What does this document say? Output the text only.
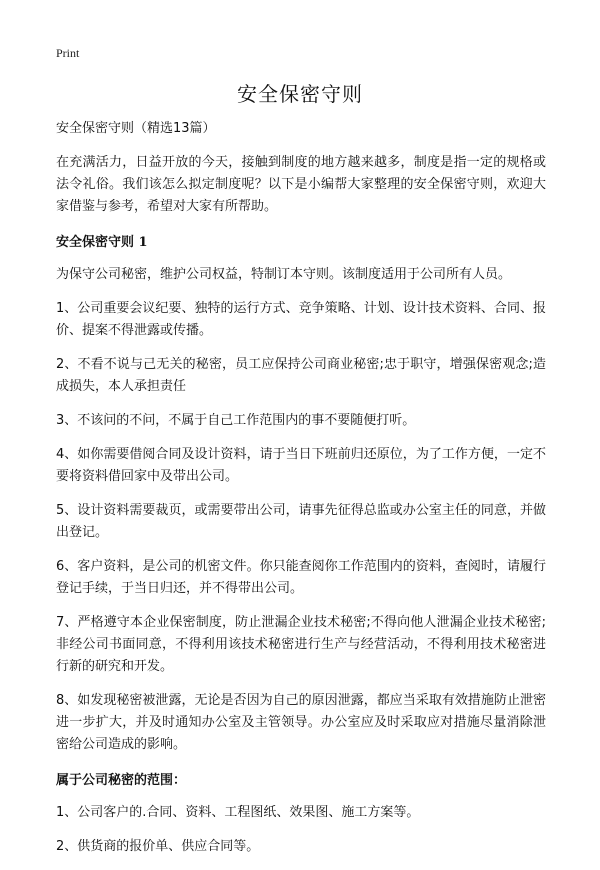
Print
安全保密守则

安全保密守则（精选13篇）

在充满活力，日益开放的今天，接触到制度的地方越来越多，制度是指一定的规格或法令礼俗。我们该怎么拟定制度呢？以下是小编帮大家整理的安全保密守则，欢迎大家借鉴与参考，希望对大家有所帮助。

安全保密守则 1

为保守公司秘密，维护公司权益，特制订本守则。该制度适用于公司所有人员。

1、公司重要会议纪要、独特的运行方式、竞争策略、计划、设计技术资料、合同、报价、提案不得泄露或传播。

2、不看不说与己无关的秘密，员工应保持公司商业秘密;忠于职守，增强保密观念;造成损失，本人承担责任

3、不该问的不问，不属于自己工作范围内的事不要随便打听。

4、如你需要借阅合同及设计资料，请于当日下班前归还原位，为了工作方便，一定不要将资料借回家中及带出公司。

5、设计资料需要裁页，或需要带出公司，请事先征得总监或办公室主任的同意，并做出登记。

6、客户资料，是公司的机密文件。你只能查阅你工作范围内的资料，查阅时，请履行登记手续，于当日归还，并不得带出公司。

7、严格遵守本企业保密制度，防止泄漏企业技术秘密;不得向他人泄漏企业技术秘密;非经公司书面同意，不得利用该技术秘密进行生产与经营活动，不得利用技术秘密进行新的研究和开发。

8、如发现秘密被泄露，无论是否因为自己的原因泄露，都应当采取有效措施防止泄密进一步扩大，并及时通知办公室及主管领导。办公室应及时采取应对措施尽量消除泄密给公司造成的影响。

属于公司秘密的范围：

1、公司客户的.合同、资料、工程图纸、效果图、施工方案等。

2、供货商的报价单、供应合同等。
